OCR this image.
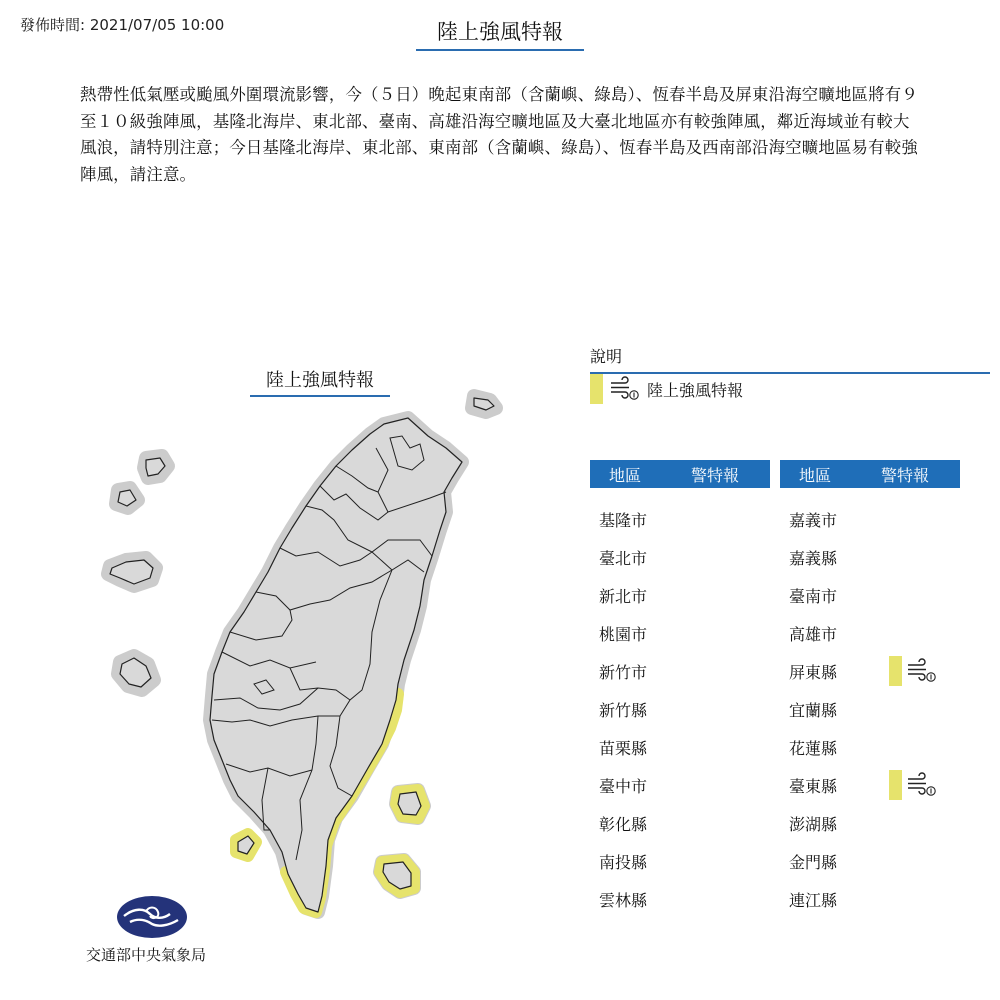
發佈時間: 2021/07/05 10:00	陸上強風特報
熱帶性低氣壓或颱風外圍環流影響，今（５日）晚起東南部（含蘭嶼、綠島）、恆春半島及屏東沿海空曠地區將有９至１０級強陣風，基隆北海岸、東北部、臺南、高雄沿海空曠地區及大臺北地區亦有較強陣風，鄰近海域並有較大風浪，請特別注意；今日基隆北海岸、東北部、東南部（含蘭嶼、綠島）、恆春半島及西南部沿海空曠地區易有較強陣風，請注意。
陸上強風特報
說明
陸上強風特報
地區	警特報
基隆市
臺北市
新北市
桃園市
新竹市
新竹縣
苗栗縣
臺中市
彰化縣
南投縣
雲林縣
地區	警特報
嘉義市
嘉義縣
臺南市
高雄市
屏東縣
宜蘭縣
花蓮縣
臺東縣
澎湖縣
金門縣
連江縣
交通部中央氣象局
